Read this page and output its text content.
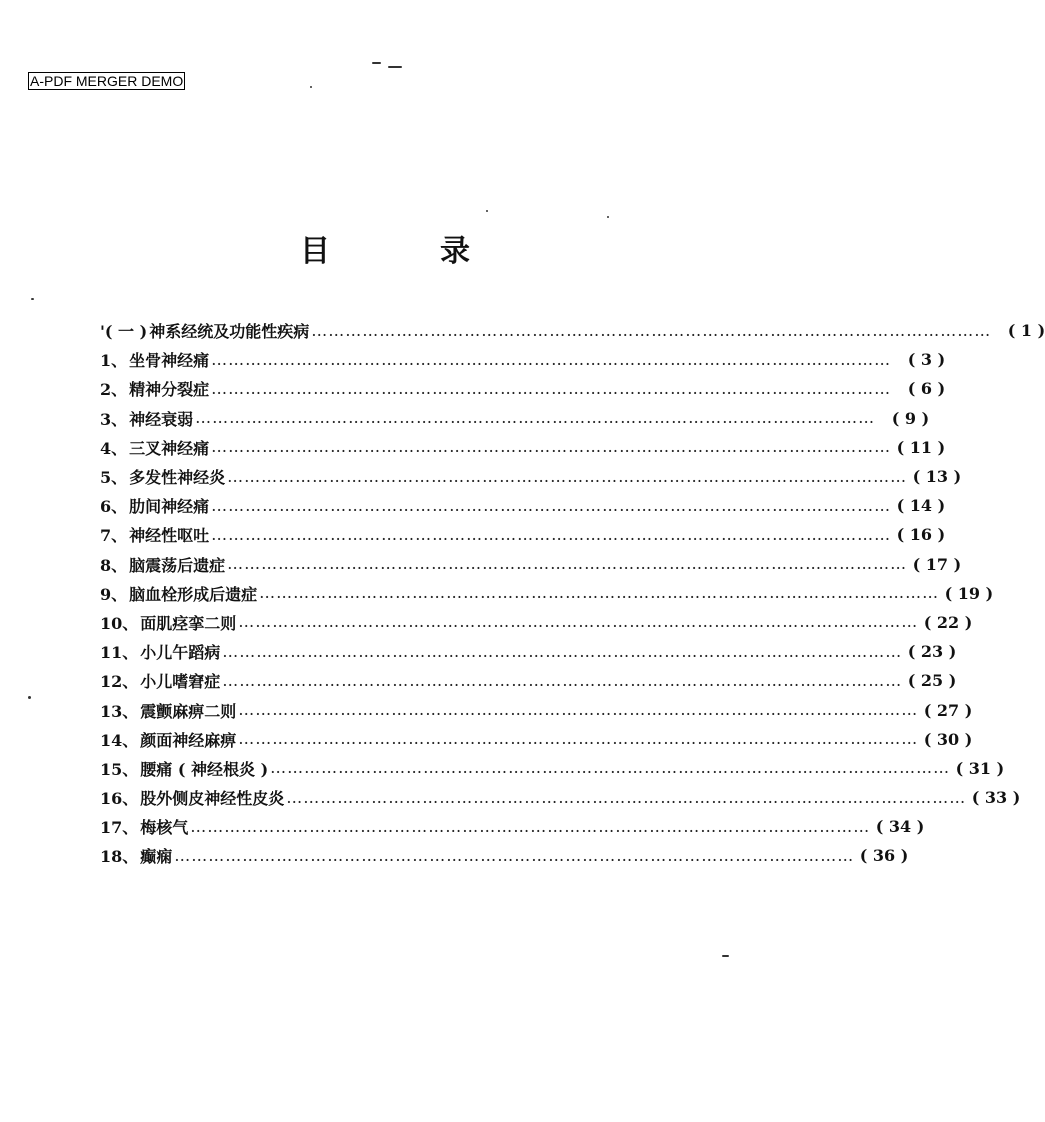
A-PDF MERGER DEMO
目	录
'( 一 ) 神系经统及功能性疾病 …………………………………………………………………………………………………………	( 1 )
1、 坐骨神经痛 …………………………………………………………………………………………………………	( 3 )
2、 精神分裂症 …………………………………………………………………………………………………………	( 6 )
3、 神经衰弱 …………………………………………………………………………………………………………	( 9 )
4、 三叉神经痛 ………………………………………………………………………………………………………… ( 11 )
5、 多发性神经炎 ………………………………………………………………………………………………………… ( 13 )
6、 肋间神经痛 ………………………………………………………………………………………………………… ( 14 )
7、 神经性呕吐 ………………………………………………………………………………………………………… ( 16 )
8、 脑震荡后遗症 ………………………………………………………………………………………………………… ( 17 )
9、 脑血栓形成后遗症 ………………………………………………………………………………………………………… ( 19 )
10、 面肌痉挛二则 ………………………………………………………………………………………………………… ( 22 )
11、 小儿午蹈病 ………………………………………………………………………………………………………… ( 23 )
12、 小儿嗜窘症 ………………………………………………………………………………………………………… ( 25 )
13、 震颤麻痹二则 ………………………………………………………………………………………………………… ( 27 )
14、 颜面神经麻痹 ………………………………………………………………………………………………………… ( 30 )
15、 腰痛 ( 神经根炎 ) ………………………………………………………………………………………………………… ( 31 )
16、 股外侧皮神经性皮炎 ………………………………………………………………………………………………………… ( 33 )
17、 梅核气 ………………………………………………………………………………………………………… ( 34 )
18、 癫痫 ………………………………………………………………………………………………………… ( 36 )
